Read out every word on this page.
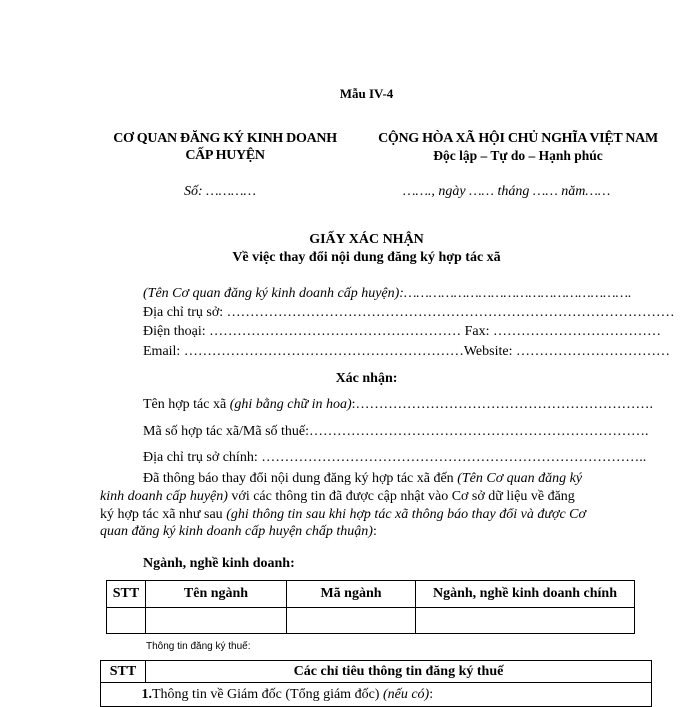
Mẫu IV-4
CƠ QUAN ĐĂNG KÝ KINH DOANH
CẤP HUYỆN
CỘNG HÒA XÃ HỘI CHỦ NGHĨA VIỆT NAM
Độc lập – Tự do – Hạnh phúc
Số: …………	……., ngày …… tháng …… năm……
GIẤY XÁC NHẬN
Về việc thay đổi nội dung đăng ký hợp tác xã
(Tên Cơ quan đăng ký kinh doanh cấp huyện):……………………………………………….
Địa chỉ trụ sở: ……………………………………………………………………………………
Điện thoại: ……………………………………………… Fax: ………………………………
Email: ……………………………………………………Website: ……………………………
Xác nhận:
Tên hợp tác xã (ghi bằng chữ in hoa):……………………………………………………….
Mã số hợp tác xã/Mã số thuế:……………………………………………………………….
Địa chỉ trụ sở chính: ………………………………………………………………………..
Đã thông báo thay đổi nội dung đăng ký hợp tác xã đến (Tên Cơ quan đăng ký
kinh doanh cấp huyện) với các thông tin đã được cập nhật vào Cơ sở dữ liệu về đăng
ký hợp tác xã như sau (ghi thông tin sau khi hợp tác xã thông báo thay đổi và được Cơ
quan đăng ký kinh doanh cấp huyện chấp thuận):
Ngành, nghề kinh doanh:
STT	Tên ngành	Mã ngành	Ngành, nghề kinh doanh chính

Thông tin đăng ký thuế:
STT	Các chỉ tiêu thông tin đăng ký thuế
	1.Thông tin về Giám đốc (Tổng giám đốc) (nếu có):
